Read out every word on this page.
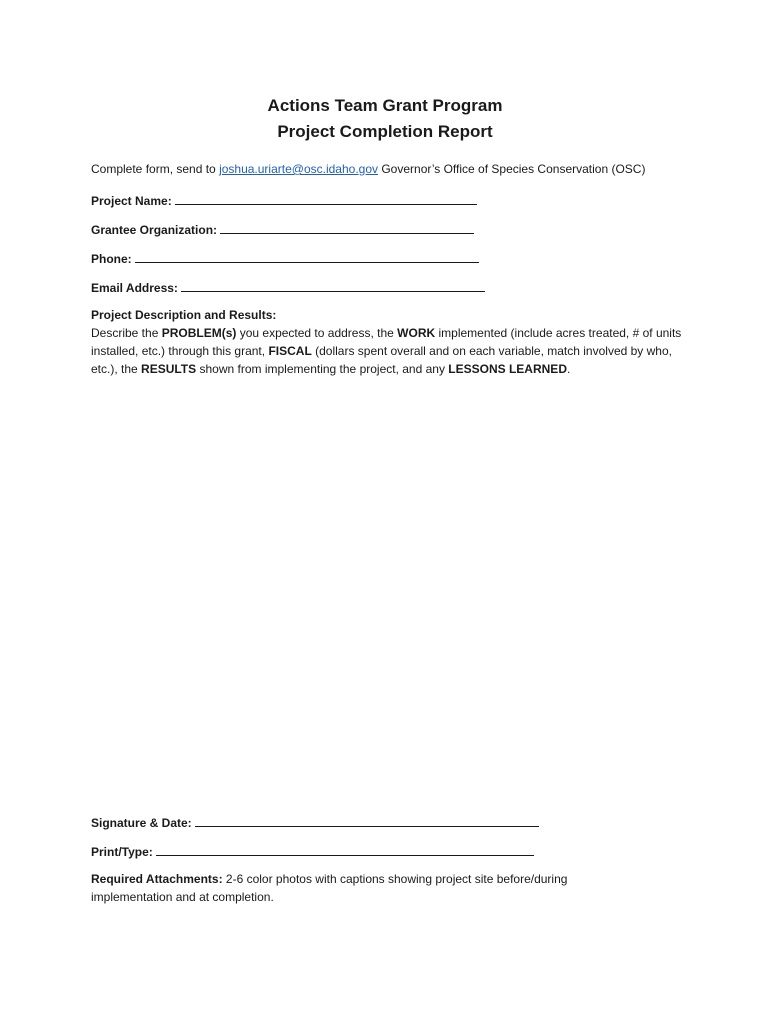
Actions Team Grant Program
Project Completion Report
Complete form, send to joshua.uriarte@osc.idaho.gov Governor’s Office of Species Conservation (OSC)
Project Name:
Grantee Organization:
Phone:
Email Address:
Project Description and Results:
Describe the PROBLEM(s) you expected to address, the WORK implemented (include acres treated, # of units installed, etc.) through this grant, FISCAL (dollars spent overall and on each variable, match involved by who, etc.), the RESULTS shown from implementing the project, and any LESSONS LEARNED.
Signature & Date:
Print/Type:
Required Attachments: 2-6 color photos with captions showing project site before/during implementation and at completion.
